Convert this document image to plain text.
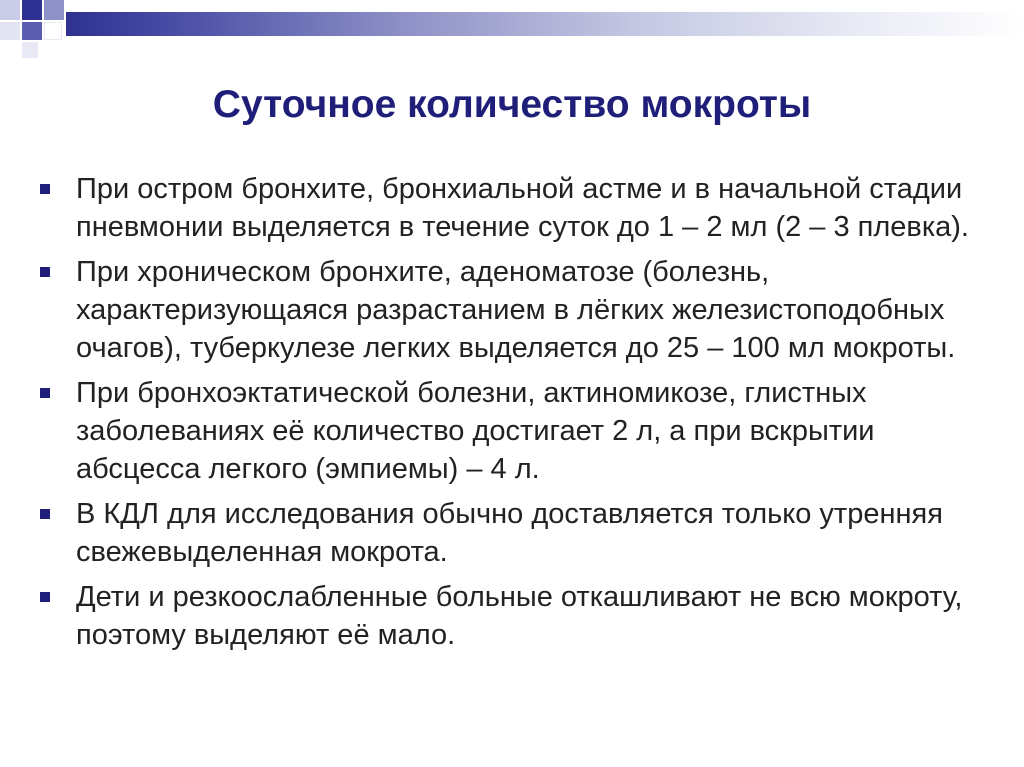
Суточное количество мокроты
При остром бронхите, бронхиальной астме и в начальной стадии пневмонии выделяется в течение суток до 1 – 2 мл (2 – 3 плевка).
При хроническом бронхите, аденоматозе (болезнь, характеризующаяся разрастанием в лёгких железистоподобных очагов), туберкулезе легких выделяется до 25 – 100 мл мокроты.
При бронхоэктатической болезни, актиномикозе, глистных заболеваниях её количество достигает 2 л, а при вскрытии абсцесса легкого (эмпиемы) – 4 л.
В КДЛ для исследования обычно доставляется только утренняя свежевыделенная мокрота.
Дети и резкоослабленные больные откашливают не всю мокроту, поэтому выделяют её мало.
